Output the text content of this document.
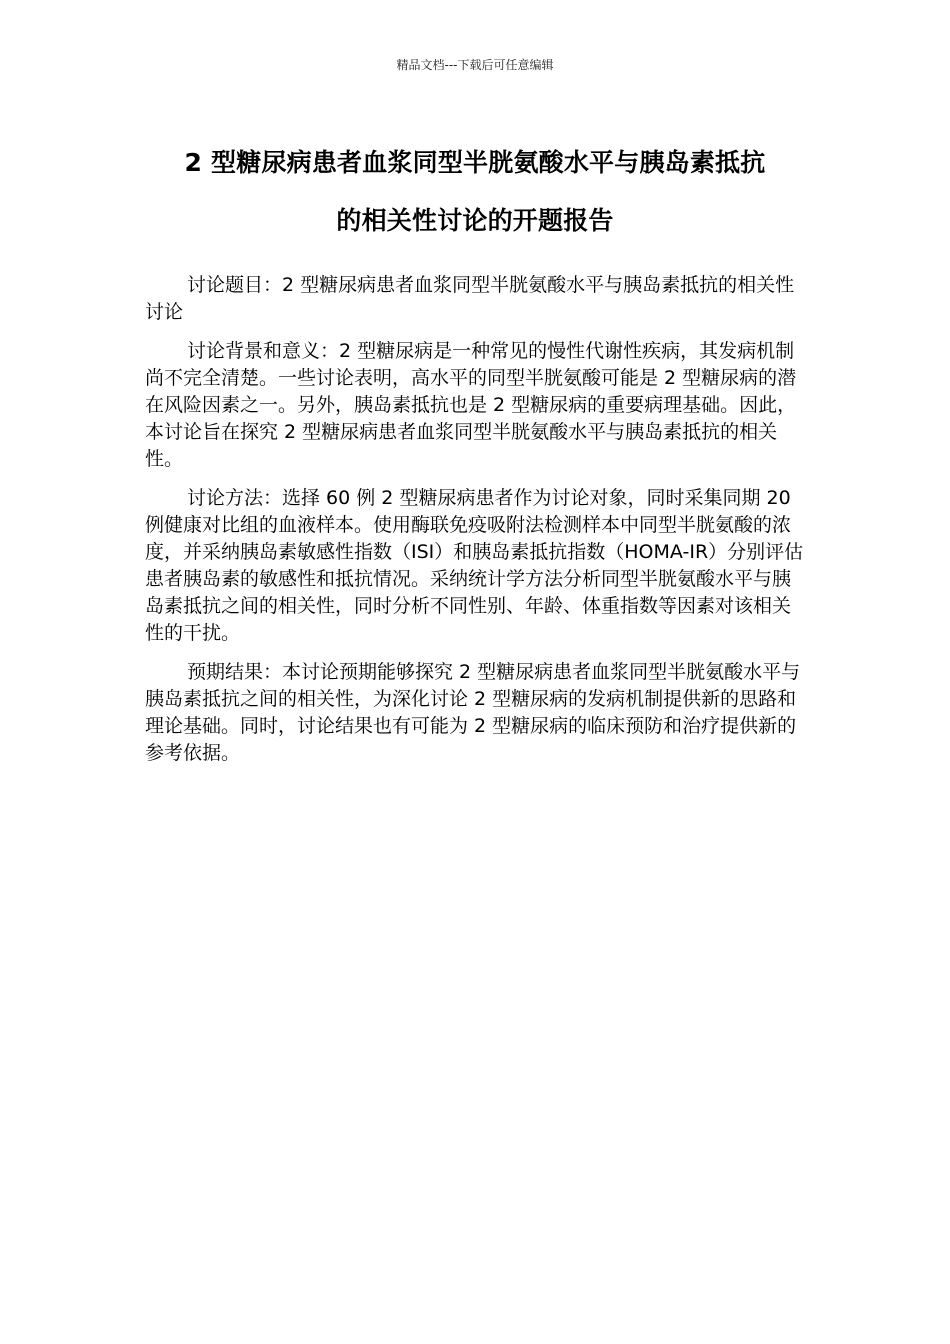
精品文档---下载后可任意编辑
2 型糖尿病患者血浆同型半胱氨酸水平与胰岛素抵抗
的相关性讨论的开题报告

讨论题目：2 型糖尿病患者血浆同型半胱氨酸水平与胰岛素抵抗的相关性讨论

讨论背景和意义：2 型糖尿病是一种常见的慢性代谢性疾病，其发病机制尚不完全清楚。一些讨论表明，高水平的同型半胱氨酸可能是 2 型糖尿病的潜在风险因素之一。另外，胰岛素抵抗也是 2 型糖尿病的重要病理基础。因此，本讨论旨在探究 2 型糖尿病患者血浆同型半胱氨酸水平与胰岛素抵抗的相关性。

讨论方法：选择 60 例 2 型糖尿病患者作为讨论对象，同时采集同期 20 例健康对比组的血液样本。使用酶联免疫吸附法检测样本中同型半胱氨酸的浓度，并采纳胰岛素敏感性指数（ISI）和胰岛素抵抗指数（HOMA-IR）分别评估患者胰岛素的敏感性和抵抗情况。采纳统计学方法分析同型半胱氨酸水平与胰岛素抵抗之间的相关性，同时分析不同性别、年龄、体重指数等因素对该相关性的干扰。

预期结果：本讨论预期能够探究 2 型糖尿病患者血浆同型半胱氨酸水平与胰岛素抵抗之间的相关性，为深化讨论 2 型糖尿病的发病机制提供新的思路和理论基础。同时，讨论结果也有可能为 2 型糖尿病的临床预防和治疗提供新的参考依据。
